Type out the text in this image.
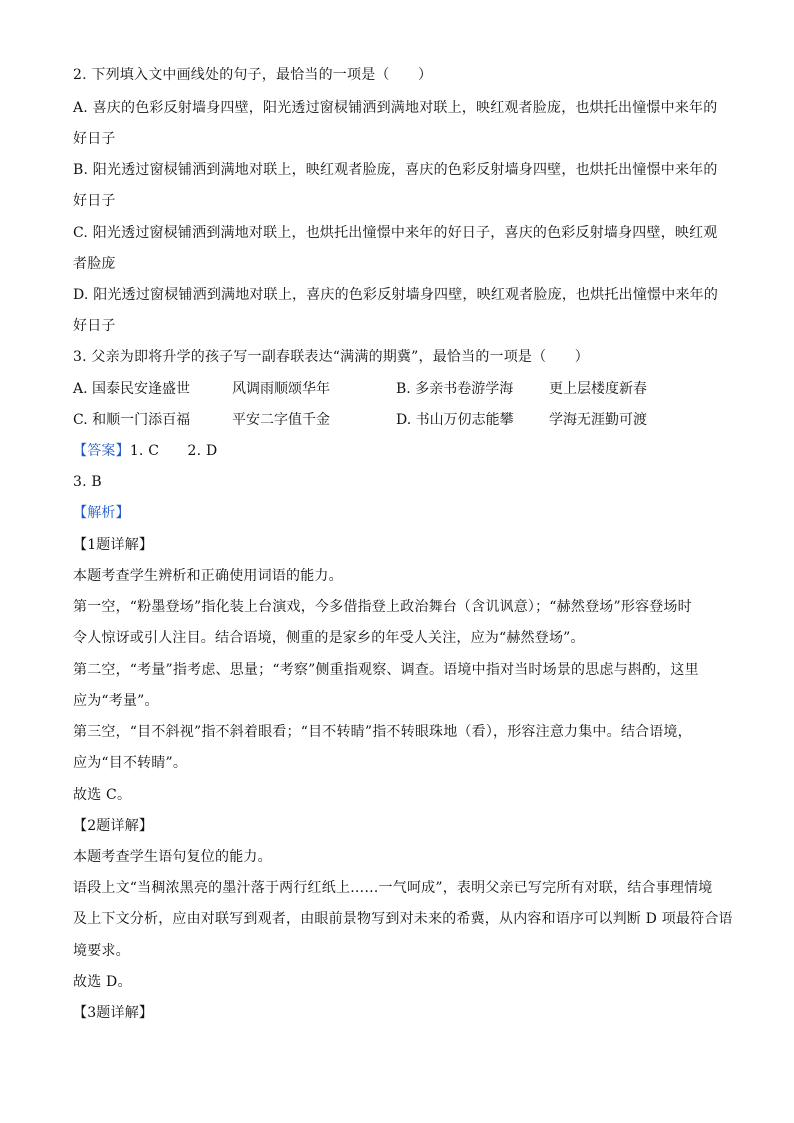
2. 下列填入文中画线处的句子，最恰当的一项是（　　）
A. 喜庆的色彩反射墙身四壁，阳光透过窗棂铺洒到满地对联上，映红观者脸庞，也烘托出憧憬中来年的
好日子
B. 阳光透过窗棂铺洒到满地对联上，映红观者脸庞，喜庆的色彩反射墙身四壁，也烘托出憧憬中来年的
好日子
C. 阳光透过窗棂铺洒到满地对联上，也烘托出憧憬中来年的好日子，喜庆的色彩反射墙身四壁，映红观
者脸庞
D. 阳光透过窗棂铺洒到满地对联上，喜庆的色彩反射墙身四壁，映红观者脸庞，也烘托出憧憬中来年的
好日子
3. 父亲为即将升学的孩子写一副春联表达“满满的期冀”，最恰当的一项是（　　）
A. 国泰民安逢盛世	风调雨顺颂华年	B. 多亲书卷游学海	更上层楼度新春
C. 和顺一门添百福	平安二字值千金	D. 书山万仞志能攀	学海无涯勤可渡
【答案】1. C　　2. D
3. B
【解析】
【1题详解】
本题考查学生辨析和正确使用词语的能力。
第一空，“粉墨登场”指化装上台演戏，今多借指登上政治舞台（含讥讽意）；“赫然登场”形容登场时
令人惊讶或引人注目。结合语境，侧重的是家乡的年受人关注，应为“赫然登场”。
第二空，“考量”指考虑、思量；“考察”侧重指观察、调查。语境中指对当时场景的思虑与斟酌，这里
应为“考量”。
第三空，“目不斜视”指不斜着眼看；“目不转睛”指不转眼珠地（看），形容注意力集中。结合语境，
应为“目不转睛”。
故选 C。
【2题详解】
本题考查学生语句复位的能力。
语段上文“当稠浓黑亮的墨汁落于两行红纸上……一气呵成”，表明父亲已写完所有对联，结合事理情境
及上下文分析，应由对联写到观者，由眼前景物写到对未来的希冀，从内容和语序可以判断 D 项最符合语
境要求。
故选 D。
【3题详解】
